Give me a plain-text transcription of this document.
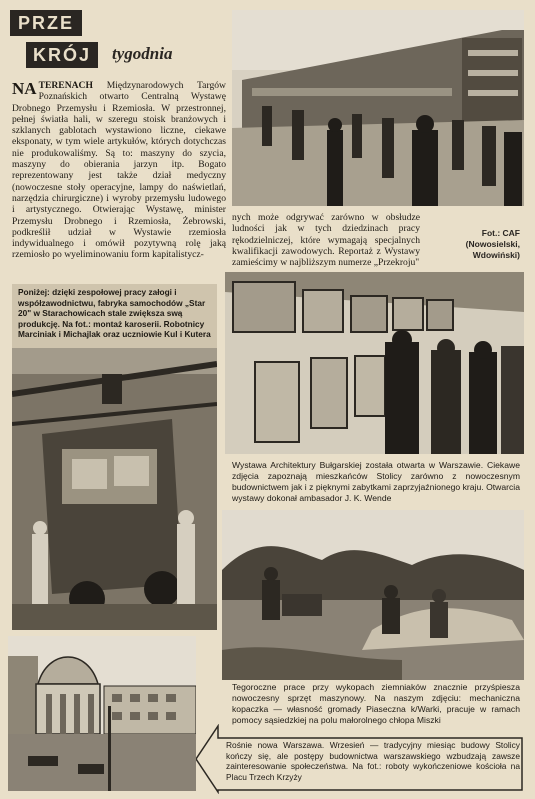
PRZE
KRÓJ	tygodnia
NA TERENACH Międzynarodowych Targów Poznańskich otwarto Centralną Wystawę Drobnego Przemysłu i Rzemiosła. W przestronnej, pełnej światła hali, w szeregu stoisk branżowych i szklanych gablotach wystawiono liczne, ciekawe eksponaty, w tym wiele artykułów, których dotychczas nie produkowaliśmy. Są to: maszyny do szycia, maszyny do obierania jarzyn itp. Bogato reprezentowany jest także dział medyczny (nowoczesne stoły operacyjne, lampy do naświetlań, narzędzia chirurgiczne) i wyroby przemysłu ludowego i artystycznego. Otwierając Wystawę, minister Przemysłu Drobnego i Rzemiosła, Żebrowski, podkreślił udział w Wystawie rzemiosła indywidualnego i omówił pozytywną rolę jaką rzemiosło po wyeliminowaniu form kapitalistycz-
nych może odgrywać zarówno w obsłudze ludności jak w tych dziedzinach pracy rękodzielniczej, które wymagają specjalnych kwalifikacji zawodowych. Reportaż z Wystawy zamieścimy w najbliższym numerze „Przekroju"
Fot.: CAF
(Nowosielski,
Wdowiński)
Poniżej: dzięki zespołowej pracy załogi i współzawodnictwu, fabryka samochodów „Star 20" w Starachowicach stale zwiększa swą produkcję. Na fot.: montaż karoserii. Robotnicy Marciniak i Michajlak oraz uczniowie Kul i Kutera
Wystawa Architektury Bułgarskiej została otwarta w Warszawie. Ciekawe zdjęcia zapoznają mieszkańców Stolicy zarówno z nowoczesnym budownictwem jak i z pięknymi zabytkami zaprzyjaźnionego kraju. Otwarcia wystawy dokonał ambasador J. K. Wende
Tegoroczne prace przy wykopach ziemniaków znacznie przyśpiesza nowoczesny sprzęt maszynowy. Na naszym zdjęciu: mechaniczna kopaczka — własność gromady Piaseczna k/Warki, pracuje w ramach pomocy sąsiedzkiej na polu małorolnego chłopa Miszki
Rośnie nowa Warszawa. Wrzesień — tradycyjny miesiąc budowy Stolicy kończy się, ale postępy budownictwa warszawskiego wzbudzają zawsze zainteresowanie społeczeństwa. Na fot.: roboty wykończeniowe kościoła na Placu Trzech Krzyży
